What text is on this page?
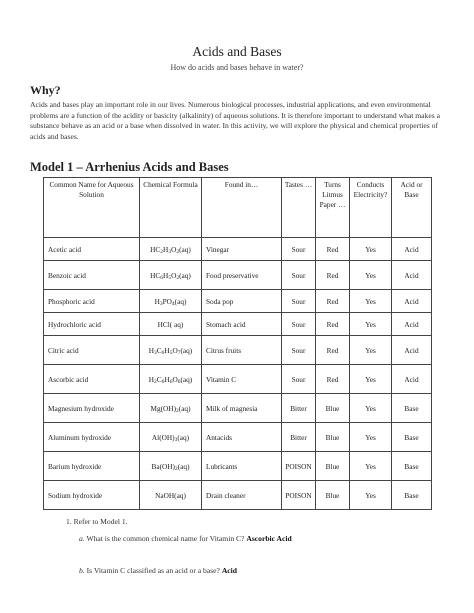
Acids and Bases
How do acids and bases behave in water?
Why?
Acids and bases play an important role in our lives. Numerous biological processes, industrial applications, and even environmental problems are a function of the acidity or basicity (alkalinity) of aqueous solutions. It is therefore important to understand what makes a substance behave as an acid or a base when dissolved in water. In this activity, we will explore the physical and chemical properties of acids and bases.
Model 1 – Arrhenius Acids and Bases
Common Name for Aqueous Solution	Chemical Formula	Found in…	Tastes …	Turns Litmus Paper …	Conducts Electricity?	Acid or Base
Acetic acid	$HC_2H_3O_2(aq)$	Vinegar	Sour	Red	Yes	Acid
Benzoic acid	$HC_6H_5O_2(aq)$	Food preservative	Sour	Red	Yes	Acid
Phosphoric acid	$H_3PO_4(aq)$	Soda pop	Sour	Red	Yes	Acid
Hydrochloric acid	HCl( aq)	Stomach acid	Sour	Red	Yes	Acid
Citric acid	$H_3C_6H_5O_7(aq)$	Citrus fruits	Sour	Red	Yes	Acid
Ascorbic acid	$H_2C_6H_6O_6(aq)$	Vitamin C	Sour	Red	Yes	Acid
Magnesium hydroxide	$Mg(OH)_2(aq)$	Milk of magnesia	Bitter	Blue	Yes	Base
Aluminum hydroxide	$Al(OH)_3(aq)$	Antacids	Bitter	Blue	Yes	Base
Barium hydroxide	$Ba(OH)_2(aq)$	Lubricants	POISON	Blue	Yes	Base
Sodium hydroxide	NaOH(aq)	Drain cleaner	POISON	Blue	Yes	Base
1. Refer to Model 1.
a. What is the common chemical name for Vitamin C? Ascorbic Acid
b. Is Vitamin C classified as an acid or a base? Acid
